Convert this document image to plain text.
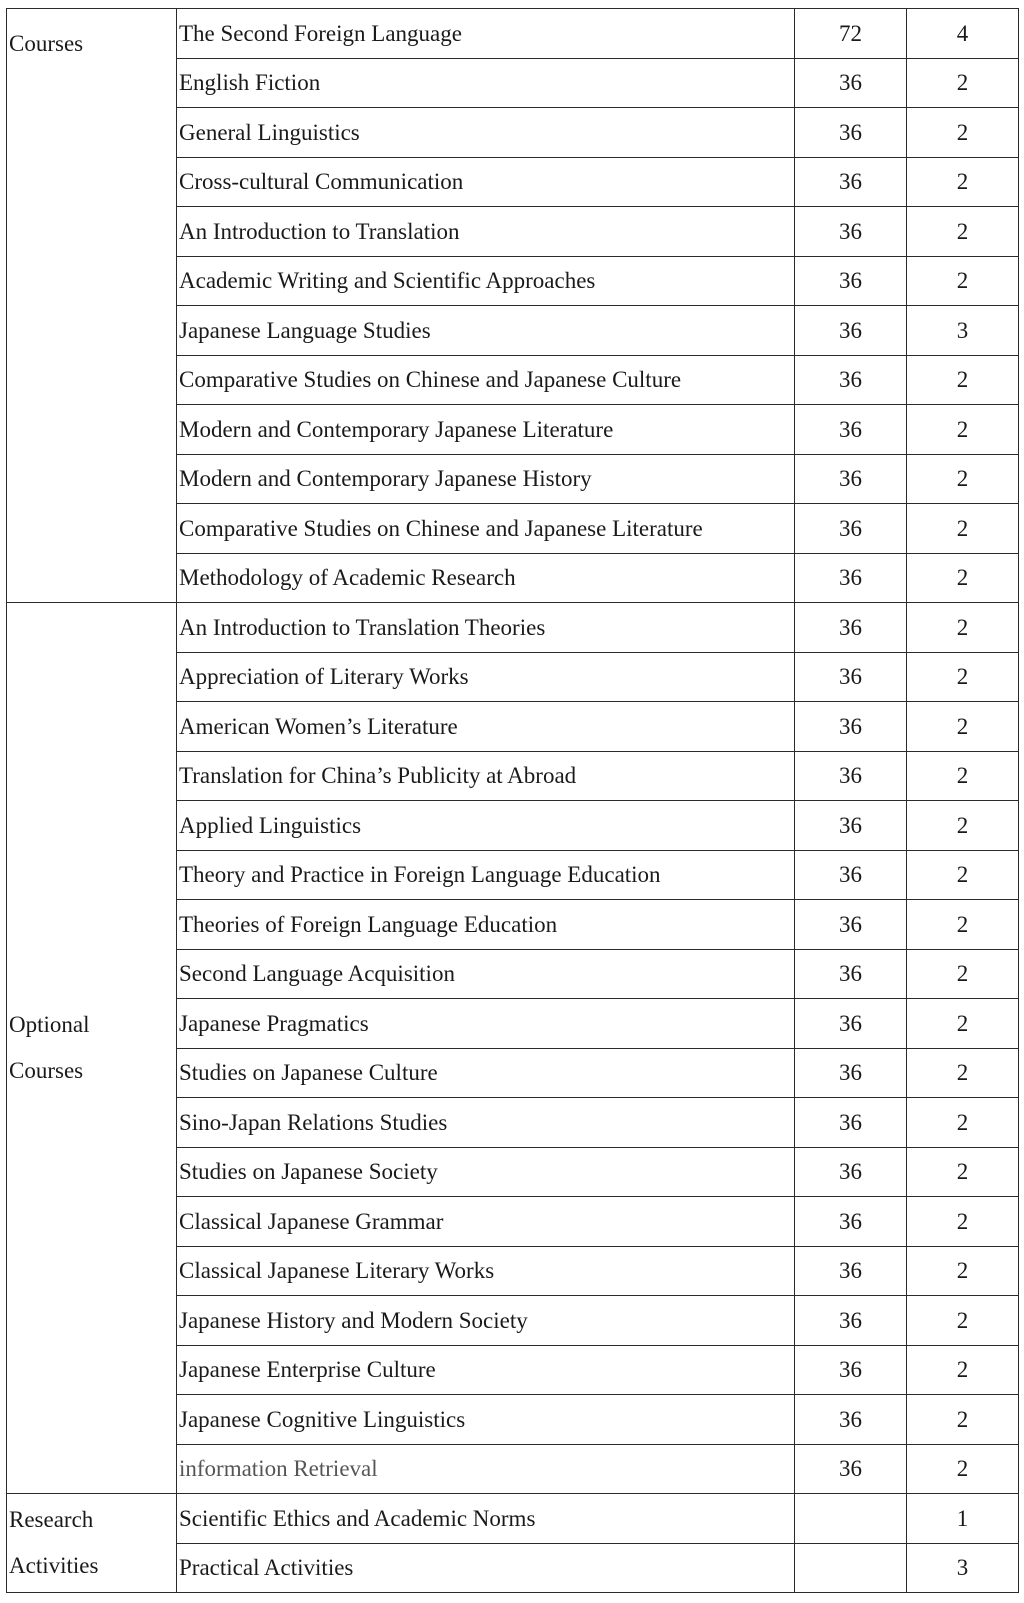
Courses	The Second Foreign Language	72	4
	English Fiction	36	2
	General Linguistics	36	2
	Cross-cultural Communication	36	2
	An Introduction to Translation	36	2
	Academic Writing and Scientific Approaches	36	2
	Japanese Language Studies	36	3
	Comparative Studies on Chinese and Japanese Culture	36	2
	Modern and Contemporary Japanese Literature	36	2
	Modern and Contemporary Japanese History	36	2
	Comparative Studies on Chinese and Japanese Literature	36	2
	Methodology of Academic Research	36	2

Optional
Courses	An Introduction to Translation Theories	36	2
	Appreciation of Literary Works	36	2
	American Women’s Literature	36	2
	Translation for China’s Publicity at Abroad	36	2
	Applied Linguistics	36	2
	Theory and Practice in Foreign Language Education	36	2
	Theories of Foreign Language Education	36	2
	Second Language Acquisition	36	2
	Japanese Pragmatics	36	2
	Studies on Japanese Culture	36	2
	Sino-Japan Relations Studies	36	2
	Studies on Japanese Society	36	2
	Classical Japanese Grammar	36	2
	Classical Japanese Literary Works	36	2
	Japanese History and Modern Society	36	2
	Japanese Enterprise Culture	36	2
	Japanese Cognitive Linguistics	36	2
	information Retrieval	36	2

Research
Activities	Scientific Ethics and Academic Norms		1
	Practical Activities		3
